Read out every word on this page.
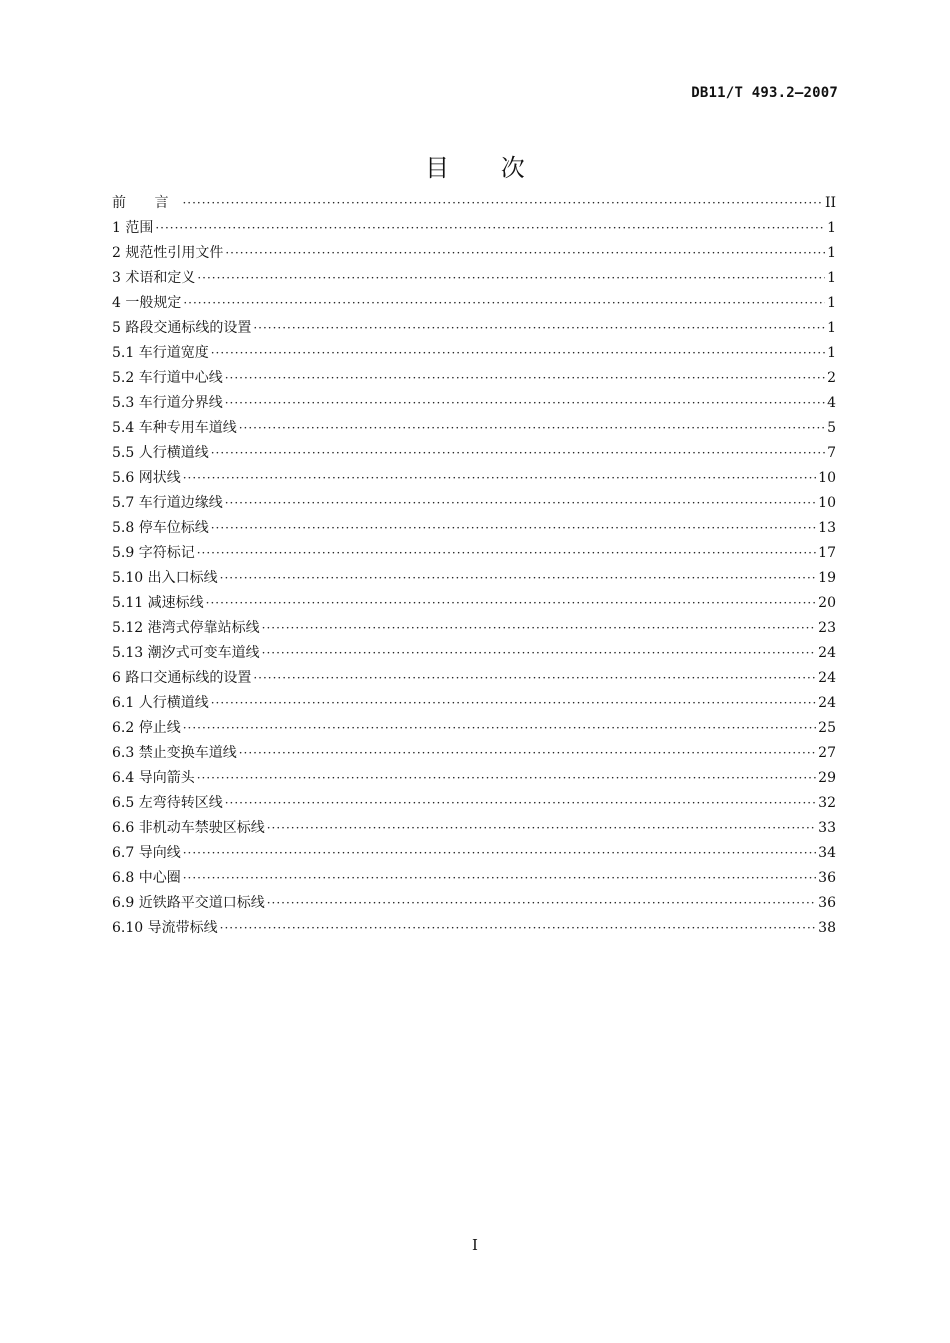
DB11/T 493.2—2007
目 次
前 言 ·····	II
1 范围 ·····	1
2 规范性引用文件 ·····	1
3 术语和定义 ·····	1
4 一般规定 ·····	1
5 路段交通标线的设置 ·····	1
5.1 车行道宽度 ·····	1
5.2 车行道中心线 ·····	2
5.3 车行道分界线 ·····	4
5.4 车种专用车道线 ·····	5
5.5 人行横道线 ·····	7
5.6 网状线 ·····	10
5.7 车行道边缘线 ·····	10
5.8 停车位标线 ·····	13
5.9 字符标记 ·····	17
5.10 出入口标线 ·····	19
5.11 减速标线 ·····	20
5.12 港湾式停靠站标线 ·····	23
5.13 潮汐式可变车道线 ·····	24
6 路口交通标线的设置 ·····	24
6.1 人行横道线 ·····	24
6.2 停止线 ·····	25
6.3 禁止变换车道线 ·····	27
6.4 导向箭头 ·····	29
6.5 左弯待转区线 ·····	32
6.6 非机动车禁驶区标线 ·····	33
6.7 导向线 ·····	34
6.8 中心圈 ·····	36
6.9 近铁路平交道口标线 ·····	36
6.10 导流带标线 ·····	38
I
